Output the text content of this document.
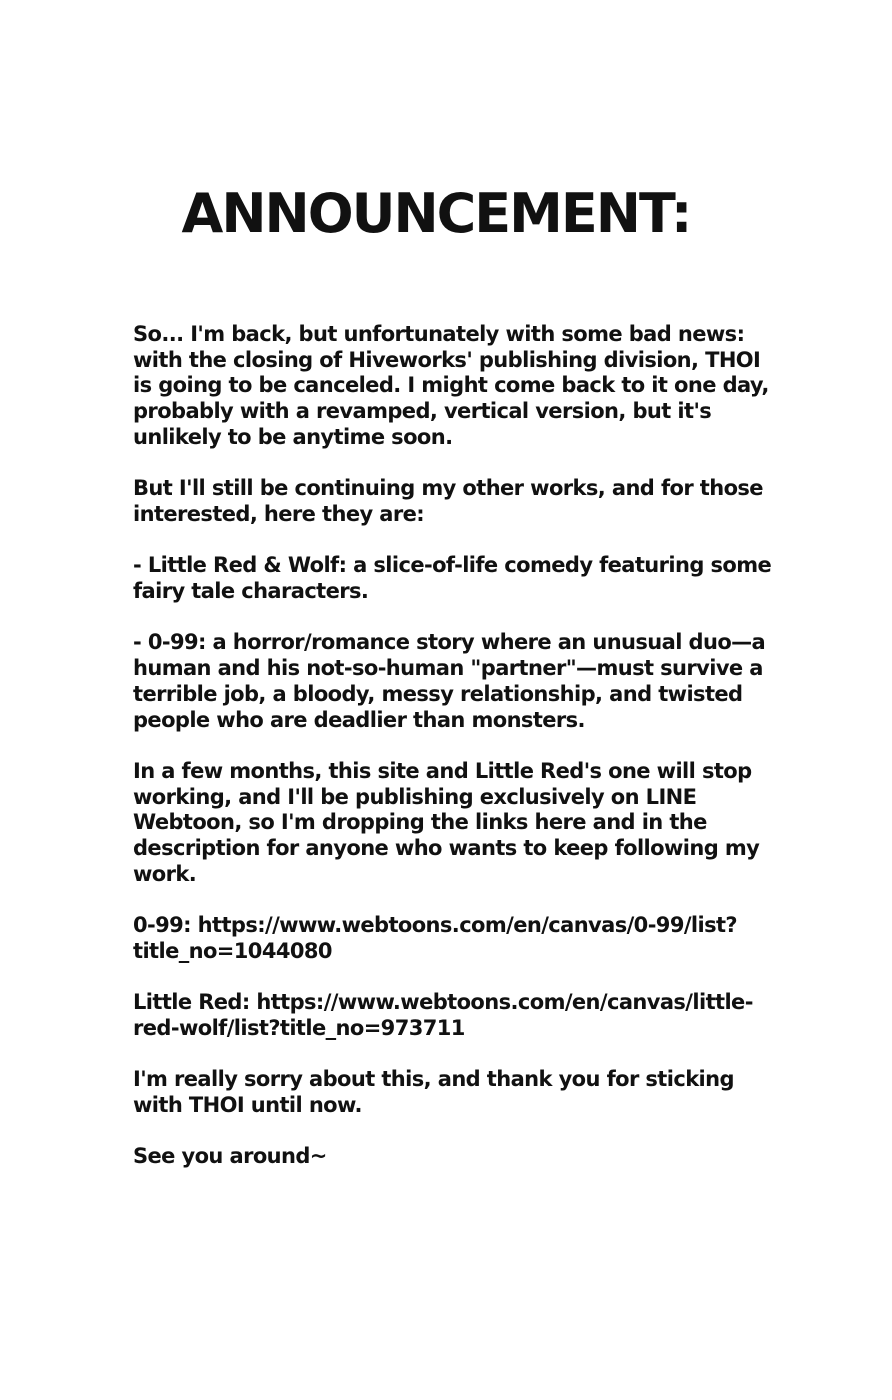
ANNOUNCEMENT:

So... I'm back, but unfortunately with some bad news: with the closing of Hiveworks' publishing division, THOI is going to be canceled. I might come back to it one day, probably with a revamped, vertical version, but it's unlikely to be anytime soon.

But I'll still be continuing my other works, and for those interested, here they are:

- Little Red & Wolf: a slice-of-life comedy featuring some fairy tale characters.

- 0-99: a horror/romance story where an unusual duo—a human and his not-so-human "partner"—must survive a terrible job, a bloody, messy relationship, and twisted people who are deadlier than monsters.

In a few months, this site and Little Red's one will stop working, and I'll be publishing exclusively on LINE Webtoon, so I'm dropping the links here and in the description for anyone who wants to keep following my work.

0-99: https://www.webtoons.com/en/canvas/0-99/list?title_no=1044080

Little Red: https://www.webtoons.com/en/canvas/little-red-wolf/list?title_no=973711

I'm really sorry about this, and thank you for sticking with THOI until now.

See you around~
